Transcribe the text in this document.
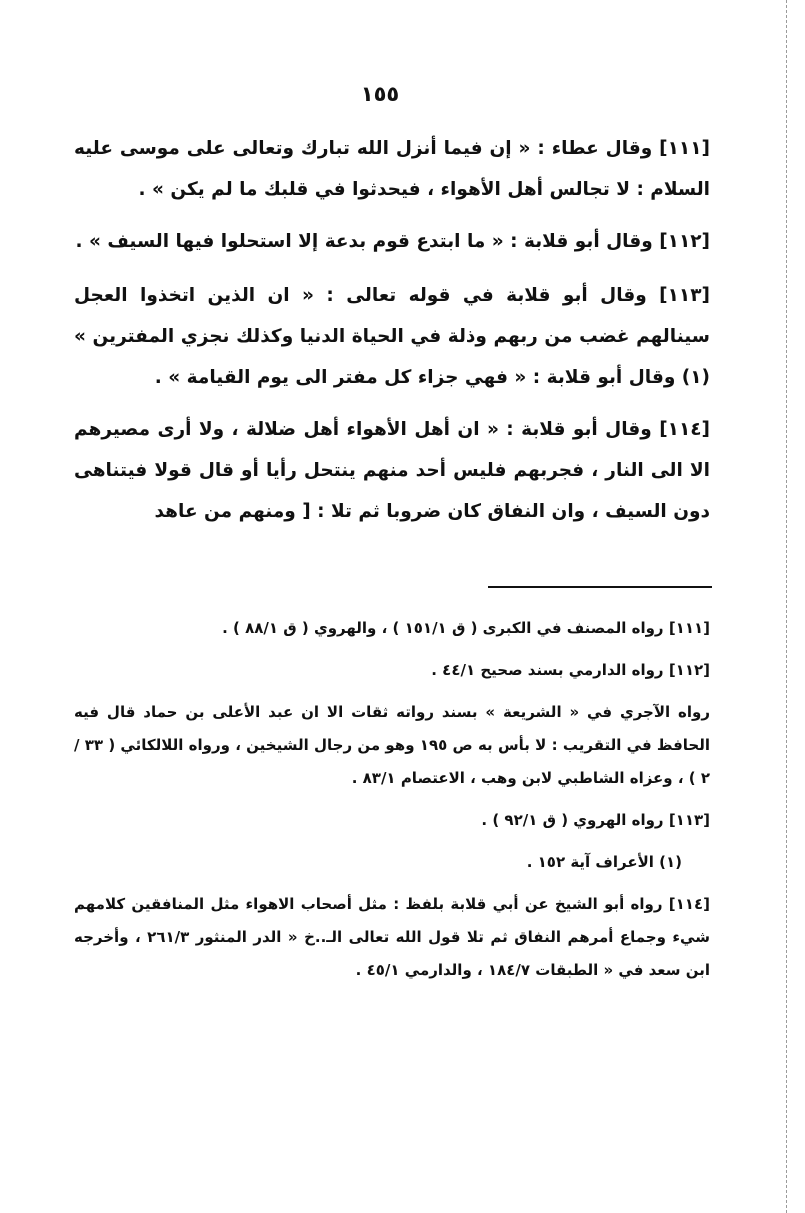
١٥٥

[١١١] وقال عطاء : « إن فيما أنزل الله تبارك وتعالى على موسى عليه السلام : لا تجالس أهل الأهواء ، فيحدثوا في قلبك ما لم يكن » .

[١١٢] وقال أبو قلابة : « ما ابتدع قوم بدعة إلا استحلوا فيها السيف » .

[١١٣] وقال أبو قلابة في قوله تعالى : « ان الذين اتخذوا العجل سينالهم غضب من ربهم وذلة في الحياة الدنيا وكذلك نجزي المفترين » (١) وقال أبو قلابة : « فهي جزاء كل مفتر الى يوم القيامة » .

[١١٤] وقال أبو قلابة : « ان أهل الأهواء أهل ضلالة ، ولا أرى مصيرهم الا الى النار ، فجربهم فليس أحد منهم ينتحل رأيا أو قال قولا فيتناهى دون السيف ، وان النفاق كان ضروبا ثم تلا : [ ومنهم من عاهد

[١١١] رواه المصنف في الكبرى ( ق ١٥١/١ ) ، والهروي ( ق ٨٨/١ ) .

[١١٢] رواه الدارمي بسند صحيح ٤٤/١ .

رواه الآجري في « الشريعة » بسند رواته ثقات الا ان عبد الأعلى بن حماد قال فيه الحافظ في التقريب : لا بأس به ص ١٩٥ وهو من رجال الشيخين ، ورواه اللالكائي ( ٣٣ / ٢ ) ، وعزاه الشاطبي لابن وهب ، الاعتصام ٨٣/١ .

[١١٣] رواه الهروي ( ق ٩٢/١ ) .

(١) الأعراف آية ١٥٢ .

[١١٤] رواه أبو الشيخ عن أبي قلابة بلفظ : مثل أصحاب الاهواء مثل المنافقين كلامهم شيء وجماع أمرهم النفاق ثم تلا قول الله تعالى الـ..خ « الدر المنثور ٢٦١/٣ ، وأخرجه ابن سعد في « الطبقات ١٨٤/٧ ، والدارمي ٤٥/١ .
